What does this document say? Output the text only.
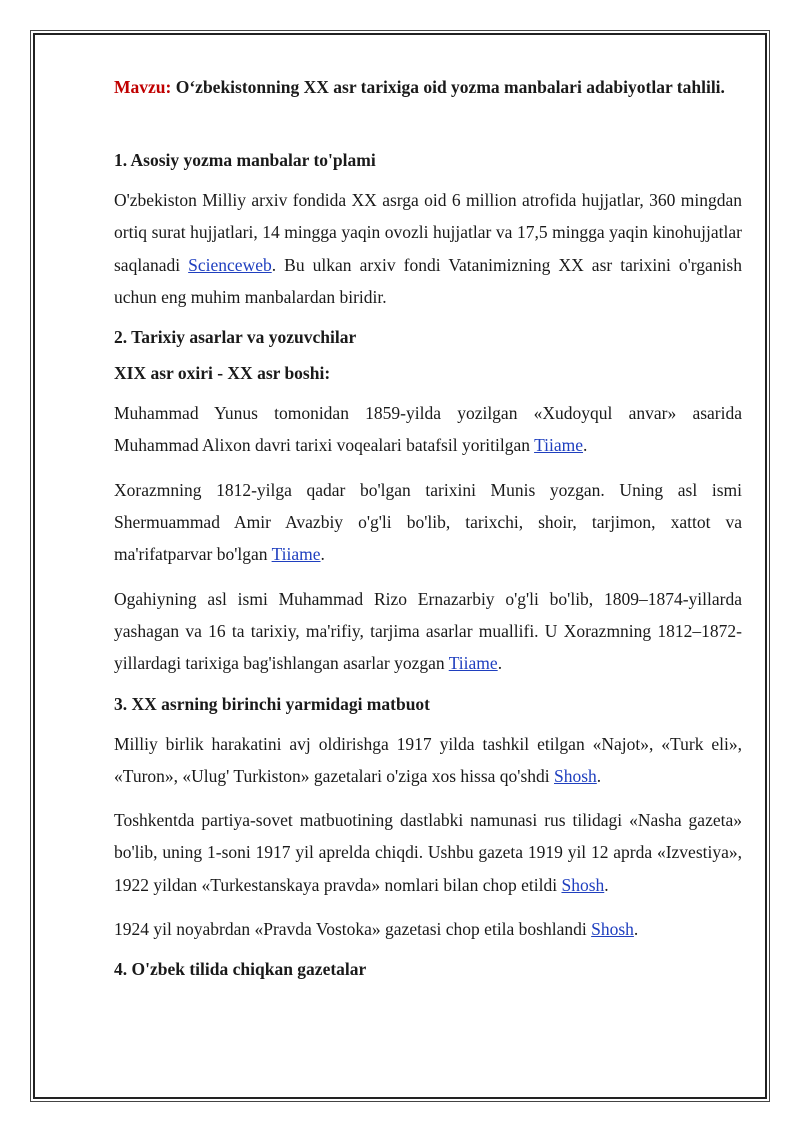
Mavzu: O‘zbekistonning XX asr tarixiga oid yozma manbalari adabiyotlar tahlili.

1. Asosiy yozma manbalar to'plami

O'zbekiston Milliy arxiv fondida XX asrga oid 6 million atrofida hujjatlar, 360 mingdan ortiq surat hujjatlari, 14 mingga yaqin ovozli hujjatlar va 17,5 mingga yaqin kinohujjatlar saqlanadi Scienceweb. Bu ulkan arxiv fondi Vatanimizning XX asr tarixini o'rganish uchun eng muhim manbalardan biridir.

2. Tarixiy asarlar va yozuvchilar
XIX asr oxiri - XX asr boshi:

Muhammad Yunus tomonidan 1859-yilda yozilgan «Xudoyqul anvar» asarida Muhammad Alixon davri tarixi voqealari batafsil yoritilgan Tiiame.

Xorazmning 1812-yilga qadar bo'lgan tarixini Munis yozgan. Uning asl ismi Shermuammad Amir Avazbiy o'g'li bo'lib, tarixchi, shoir, tarjimon, xattot va ma'rifatparvar bo'lgan Tiiame.

Ogahiyning asl ismi Muhammad Rizo Ernazarbiy o'g'li bo'lib, 1809–1874-yillarda yashagan va 16 ta tarixiy, ma'rifiy, tarjima asarlar muallifi. U Xorazmning 1812–1872-yillardagi tarixiga bag'ishlangan asarlar yozgan Tiiame.

3. XX asrning birinchi yarmidagi matbuot

Milliy birlik harakatini avj oldirishga 1917 yilda tashkil etilgan «Najot», «Turk eli», «Turon», «Ulug' Turkiston» gazetalari o'ziga xos hissa qo'shdi Shosh.

Toshkentda partiya-sovet matbuotining dastlabki namunasi rus tilidagi «Nasha gazeta» bo'lib, uning 1-soni 1917 yil aprelda chiqdi. Ushbu gazeta 1919 yil 12 aprda «Izvestiya», 1922 yildan «Turkestanskaya pravda» nomlari bilan chop etildi Shosh.

1924 yil noyabrdan «Pravda Vostoka» gazetasi chop etila boshlandi Shosh.

4. O'zbek tilida chiqkan gazetalar
